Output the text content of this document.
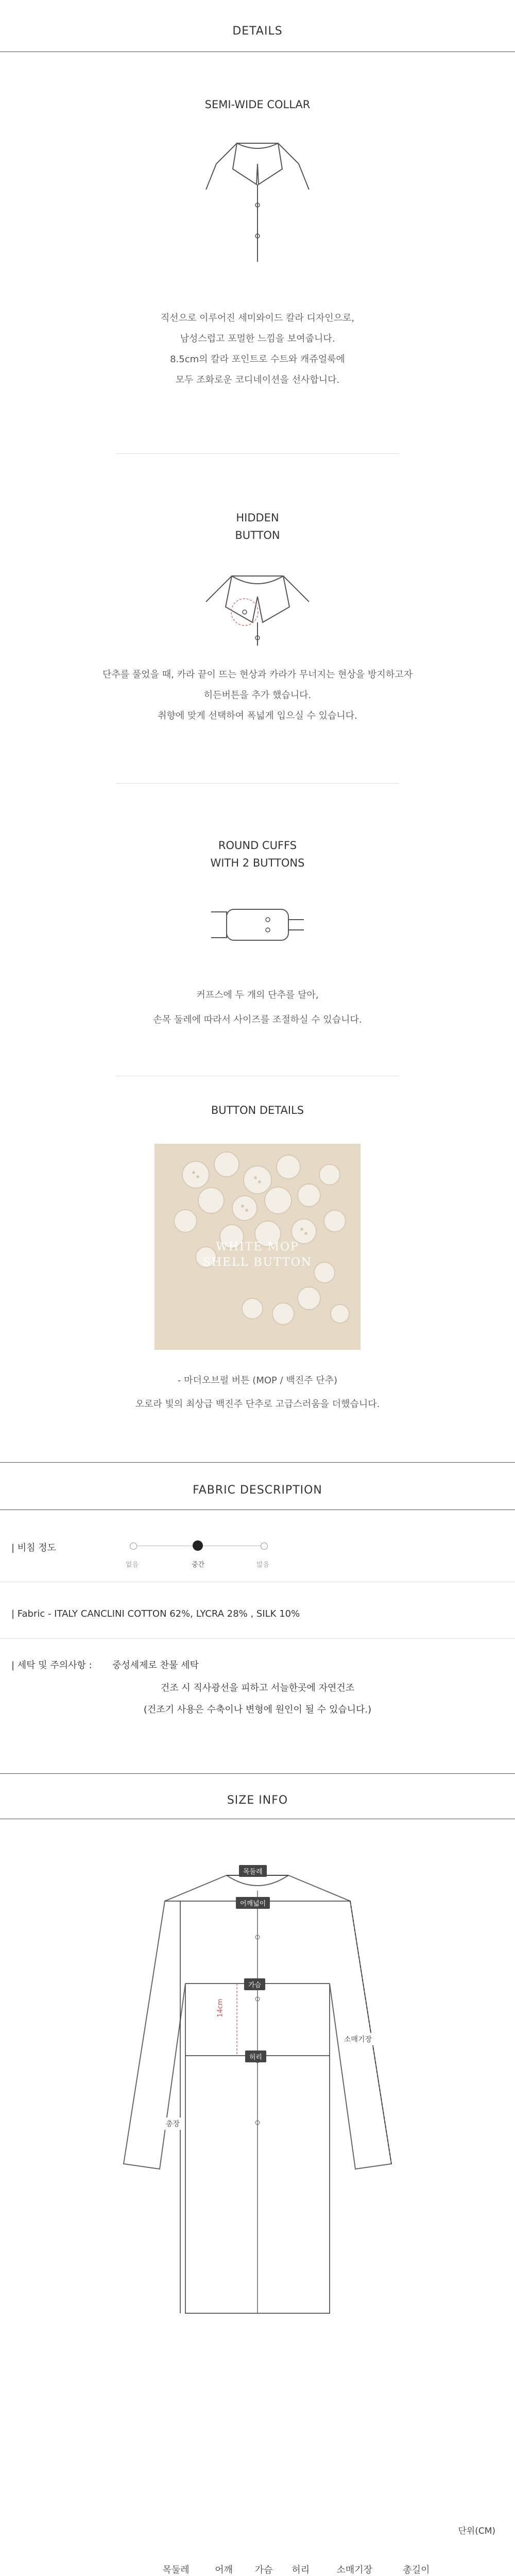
DETAILS
SEMI-WIDE COLLAR
직선으로 이루어진 세미와이드 칼라 디자인으로,
남성스럽고 포멀한 느낌을 보여줍니다.
8.5cm의 칼라 포인트로 수트와 캐쥬얼룩에
모두 조화로운 코디네이션을 선사합니다.
HIDDEN
BUTTON
단추를 풀었을 때, 카라 끝이 뜨는 현상과 카라가 무너지는 현상을 방지하고자
히든버튼을 추가 했습니다.
취향에 맞게 선택하여 폭넓게 입으실 수 있습니다.
ROUND CUFFS
WITH 2 BUTTONS
커프스에 두 개의 단추를 달아,
손목 둘레에 따라서 사이즈를 조절하실 수 있습니다.
BUTTON DETAILS
WHITE MOP
SHELL BUTTON
- 마더오브펄 버튼 (MOP / 백진주 단추)
오로라 빛의 최상급 백진주 단추로 고급스러움을 더했습니다.
FABRIC DESCRIPTION
| 비침 정도
없음	중간	많음
| Fabric - ITALY CANCLINI COTTON 62%, LYCRA 28% , SILK 10%
| 세탁 및 주의사항 : 중성세제로 찬물 세탁
건조 시 직사광선을 피하고 서늘한곳에 자연건조
(건조기 사용은 수축이나 변형에 원인이 될 수 있습니다.)
SIZE INFO
목둘레
어깨넓이
소매기장
가슴
허리
14cm
총장
단위(CM)
	목둘레	어깨	가슴	허리	소매기장	총길이
